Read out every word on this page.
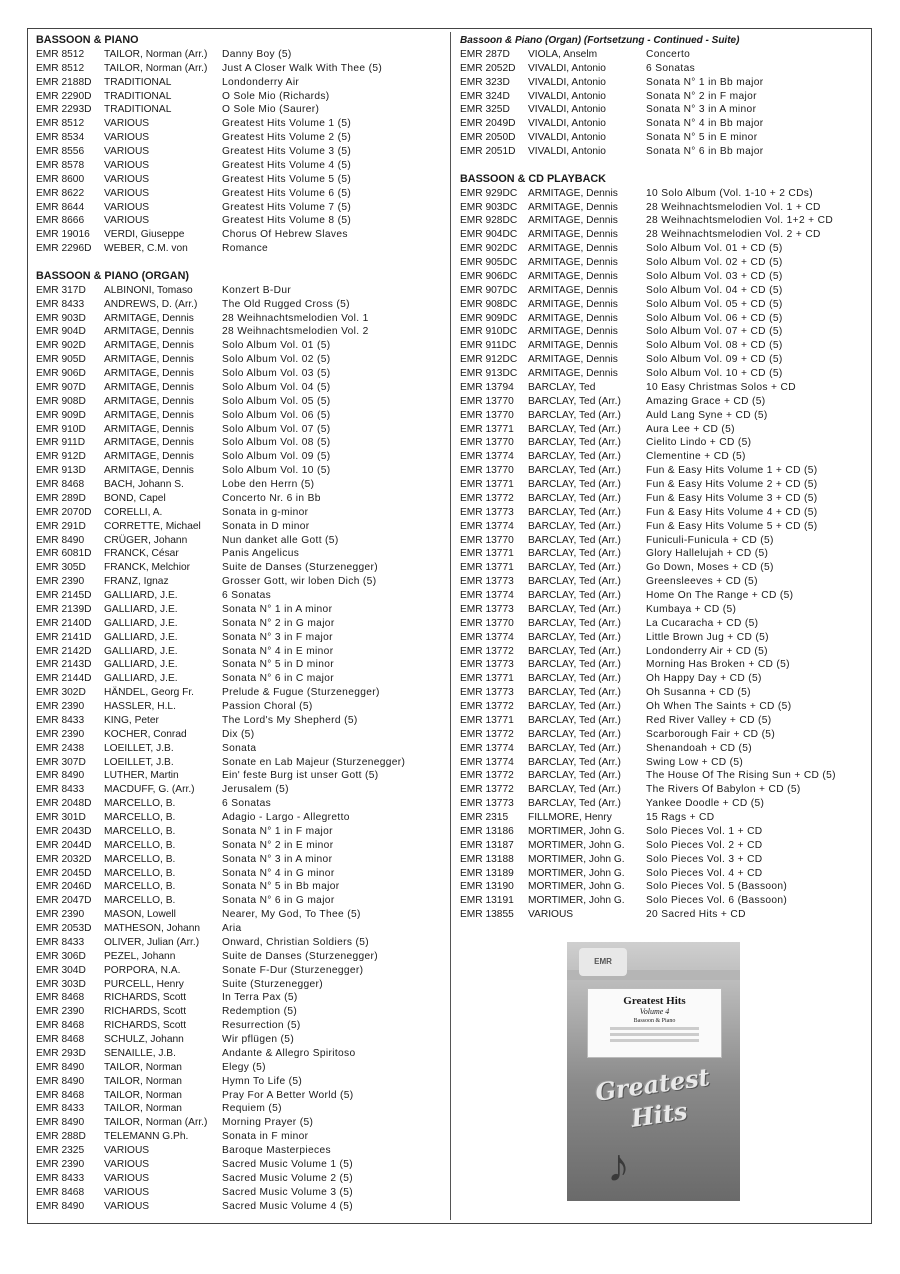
BASSOON & PIANO
EMR 8512	TAILOR, Norman (Arr.)	Danny Boy (5)
EMR 8512	TAILOR, Norman (Arr.)	Just A Closer Walk With Thee (5)
EMR 2188D	TRADITIONAL	Londonderry Air
EMR 2290D	TRADITIONAL	O Sole Mio (Richards)
EMR 2293D	TRADITIONAL	O Sole Mio (Saurer)
EMR 8512	VARIOUS	Greatest Hits Volume 1 (5)
EMR 8534	VARIOUS	Greatest Hits Volume 2 (5)
EMR 8556	VARIOUS	Greatest Hits Volume 3 (5)
EMR 8578	VARIOUS	Greatest Hits Volume 4 (5)
EMR 8600	VARIOUS	Greatest Hits Volume 5 (5)
EMR 8622	VARIOUS	Greatest Hits Volume 6 (5)
EMR 8644	VARIOUS	Greatest Hits Volume 7 (5)
EMR 8666	VARIOUS	Greatest Hits Volume 8 (5)
EMR 19016	VERDI, Giuseppe	Chorus Of Hebrew Slaves
EMR 2296D	WEBER, C.M. von	Romance
BASSOON & PIANO (ORGAN)
EMR 317D	ALBINONI, Tomaso	Konzert B-Dur
EMR 8433	ANDREWS, D. (Arr.)	The Old Rugged Cross (5)
EMR 903D	ARMITAGE, Dennis	28 Weihnachtsmelodien Vol. 1
EMR 904D	ARMITAGE, Dennis	28 Weihnachtsmelodien Vol. 2
EMR 902D	ARMITAGE, Dennis	Solo Album Vol. 01 (5)
EMR 905D	ARMITAGE, Dennis	Solo Album Vol. 02 (5)
EMR 906D	ARMITAGE, Dennis	Solo Album Vol. 03 (5)
EMR 907D	ARMITAGE, Dennis	Solo Album Vol. 04 (5)
EMR 908D	ARMITAGE, Dennis	Solo Album Vol. 05 (5)
EMR 909D	ARMITAGE, Dennis	Solo Album Vol. 06 (5)
EMR 910D	ARMITAGE, Dennis	Solo Album Vol. 07 (5)
EMR 911D	ARMITAGE, Dennis	Solo Album Vol. 08 (5)
EMR 912D	ARMITAGE, Dennis	Solo Album Vol. 09 (5)
EMR 913D	ARMITAGE, Dennis	Solo Album Vol. 10 (5)
EMR 8468	BACH, Johann S.	Lobe den Herrn (5)
EMR 289D	BOND, Capel	Concerto Nr. 6 in Bb
EMR 2070D	CORELLI, A.	Sonata in g-minor
EMR 291D	CORRETTE, Michael	Sonata in D minor
EMR 8490	CRÜGER, Johann	Nun danket alle Gott (5)
EMR 6081D	FRANCK, César	Panis Angelicus
EMR 305D	FRANCK, Melchior	Suite de Danses (Sturzenegger)
EMR 2390	FRANZ, Ignaz	Grosser Gott, wir loben Dich (5)
EMR 2145D	GALLIARD, J.E.	6 Sonatas
EMR 2139D	GALLIARD, J.E.	Sonata N° 1 in A minor
EMR 2140D	GALLIARD, J.E.	Sonata N° 2 in G major
EMR 2141D	GALLIARD, J.E.	Sonata N° 3 in F major
EMR 2142D	GALLIARD, J.E.	Sonata N° 4 in E minor
EMR 2143D	GALLIARD, J.E.	Sonata N° 5 in D minor
EMR 2144D	GALLIARD, J.E.	Sonata N° 6 in C major
EMR 302D	HÄNDEL, Georg Fr.	Prelude & Fugue (Sturzenegger)
EMR 2390	HASSLER, H.L.	Passion Choral (5)
EMR 8433	KING, Peter	The Lord's My Shepherd (5)
EMR 2390	KOCHER, Conrad	Dix (5)
EMR 2438	LOEILLET, J.B.	Sonata
EMR 307D	LOEILLET, J.B.	Sonate en Lab Majeur (Sturzenegger)
EMR 8490	LUTHER, Martin	Ein' feste Burg ist unser Gott (5)
EMR 8433	MACDUFF, G. (Arr.)	Jerusalem (5)
EMR 2048D	MARCELLO, B.	6 Sonatas
EMR 301D	MARCELLO, B.	Adagio - Largo - Allegretto
EMR 2043D	MARCELLO, B.	Sonata N° 1 in F major
EMR 2044D	MARCELLO, B.	Sonata N° 2 in E minor
EMR 2032D	MARCELLO, B.	Sonata N° 3 in A minor
EMR 2045D	MARCELLO, B.	Sonata N° 4 in G minor
EMR 2046D	MARCELLO, B.	Sonata N° 5 in Bb major
EMR 2047D	MARCELLO, B.	Sonata N° 6 in G major
EMR 2390	MASON, Lowell	Nearer, My God, To Thee (5)
EMR 2053D	MATHESON, Johann	Aria
EMR 8433	OLIVER, Julian (Arr.)	Onward, Christian Soldiers (5)
EMR 306D	PEZEL, Johann	Suite de Danses (Sturzenegger)
EMR 304D	PORPORA, N.A.	Sonate F-Dur (Sturzenegger)
EMR 303D	PURCELL, Henry	Suite (Sturzenegger)
EMR 8468	RICHARDS, Scott	In Terra Pax (5)
EMR 2390	RICHARDS, Scott	Redemption (5)
EMR 8468	RICHARDS, Scott	Resurrection (5)
EMR 8468	SCHULZ, Johann	Wir pflügen (5)
EMR 293D	SENAILLE, J.B.	Andante & Allegro Spiritoso
EMR 8490	TAILOR, Norman	Elegy (5)
EMR 8490	TAILOR, Norman	Hymn To Life (5)
EMR 8468	TAILOR, Norman	Pray For A Better World (5)
EMR 8433	TAILOR, Norman	Requiem (5)
EMR 8490	TAILOR, Norman (Arr.)	Morning Prayer (5)
EMR 288D	TELEMANN G.Ph.	Sonata in F minor
EMR 2325	VARIOUS	Baroque Masterpieces
EMR 2390	VARIOUS	Sacred Music Volume 1 (5)
EMR 8433	VARIOUS	Sacred Music Volume 2 (5)
EMR 8468	VARIOUS	Sacred Music Volume 3 (5)
EMR 8490	VARIOUS	Sacred Music Volume 4 (5)
Bassoon & Piano (Organ) (Fortsetzung - Continued - Suite)
EMR 287D	VIOLA, Anselm	Concerto
EMR 2052D	VIVALDI, Antonio	6 Sonatas
EMR 323D	VIVALDI, Antonio	Sonata N° 1 in Bb major
EMR 324D	VIVALDI, Antonio	Sonata N° 2 in F major
EMR 325D	VIVALDI, Antonio	Sonata N° 3 in A minor
EMR 2049D	VIVALDI, Antonio	Sonata N° 4 in Bb major
EMR 2050D	VIVALDI, Antonio	Sonata N° 5 in E minor
EMR 2051D	VIVALDI, Antonio	Sonata N° 6 in Bb major
BASSOON & CD PLAYBACK
EMR 929DC	ARMITAGE, Dennis	10 Solo Album (Vol. 1-10 + 2 CDs)
EMR 903DC	ARMITAGE, Dennis	28 Weihnachtsmelodien Vol. 1 + CD
EMR 928DC	ARMITAGE, Dennis	28 Weihnachtsmelodien Vol. 1+2 + CD
EMR 904DC	ARMITAGE, Dennis	28 Weihnachtsmelodien Vol. 2 + CD
EMR 902DC	ARMITAGE, Dennis	Solo Album Vol. 01 + CD (5)
EMR 905DC	ARMITAGE, Dennis	Solo Album Vol. 02 + CD (5)
EMR 906DC	ARMITAGE, Dennis	Solo Album Vol. 03 + CD (5)
EMR 907DC	ARMITAGE, Dennis	Solo Album Vol. 04 + CD (5)
EMR 908DC	ARMITAGE, Dennis	Solo Album Vol. 05 + CD (5)
EMR 909DC	ARMITAGE, Dennis	Solo Album Vol. 06 + CD (5)
EMR 910DC	ARMITAGE, Dennis	Solo Album Vol. 07 + CD (5)
EMR 911DC	ARMITAGE, Dennis	Solo Album Vol. 08 + CD (5)
EMR 912DC	ARMITAGE, Dennis	Solo Album Vol. 09 + CD (5)
EMR 913DC	ARMITAGE, Dennis	Solo Album Vol. 10 + CD (5)
EMR 13794	BARCLAY, Ted	10 Easy Christmas Solos + CD
EMR 13770	BARCLAY, Ted (Arr.)	Amazing Grace + CD (5)
EMR 13770	BARCLAY, Ted (Arr.)	Auld Lang Syne + CD (5)
EMR 13771	BARCLAY, Ted (Arr.)	Aura Lee + CD (5)
EMR 13770	BARCLAY, Ted (Arr.)	Cielito Lindo + CD (5)
EMR 13774	BARCLAY, Ted (Arr.)	Clementine + CD (5)
EMR 13770	BARCLAY, Ted (Arr.)	Fun & Easy Hits Volume 1 + CD (5)
EMR 13771	BARCLAY, Ted (Arr.)	Fun & Easy Hits Volume 2 + CD (5)
EMR 13772	BARCLAY, Ted (Arr.)	Fun & Easy Hits Volume 3 + CD (5)
EMR 13773	BARCLAY, Ted (Arr.)	Fun & Easy Hits Volume 4 + CD (5)
EMR 13774	BARCLAY, Ted (Arr.)	Fun & Easy Hits Volume 5 + CD (5)
EMR 13770	BARCLAY, Ted (Arr.)	Funiculi-Funicula + CD (5)
EMR 13771	BARCLAY, Ted (Arr.)	Glory Hallelujah + CD (5)
EMR 13771	BARCLAY, Ted (Arr.)	Go Down, Moses + CD (5)
EMR 13773	BARCLAY, Ted (Arr.)	Greensleeves + CD (5)
EMR 13774	BARCLAY, Ted (Arr.)	Home On The Range + CD (5)
EMR 13773	BARCLAY, Ted (Arr.)	Kumbaya + CD (5)
EMR 13770	BARCLAY, Ted (Arr.)	La Cucaracha + CD (5)
EMR 13774	BARCLAY, Ted (Arr.)	Little Brown Jug + CD (5)
EMR 13772	BARCLAY, Ted (Arr.)	Londonderry Air + CD (5)
EMR 13773	BARCLAY, Ted (Arr.)	Morning Has Broken + CD (5)
EMR 13771	BARCLAY, Ted (Arr.)	Oh Happy Day + CD (5)
EMR 13773	BARCLAY, Ted (Arr.)	Oh Susanna + CD (5)
EMR 13772	BARCLAY, Ted (Arr.)	Oh When The Saints + CD (5)
EMR 13771	BARCLAY, Ted (Arr.)	Red River Valley + CD (5)
EMR 13772	BARCLAY, Ted (Arr.)	Scarborough Fair + CD (5)
EMR 13774	BARCLAY, Ted (Arr.)	Shenandoah + CD (5)
EMR 13774	BARCLAY, Ted (Arr.)	Swing Low + CD (5)
EMR 13772	BARCLAY, Ted (Arr.)	The House Of The Rising Sun + CD (5)
EMR 13772	BARCLAY, Ted (Arr.)	The Rivers Of Babylon + CD (5)
EMR 13773	BARCLAY, Ted (Arr.)	Yankee Doodle + CD (5)
EMR 2315	FILLMORE, Henry	15 Rags + CD
EMR 13186	MORTIMER, John G.	Solo Pieces Vol. 1 + CD
EMR 13187	MORTIMER, John G.	Solo Pieces Vol. 2 + CD
EMR 13188	MORTIMER, John G.	Solo Pieces Vol. 3 + CD
EMR 13189	MORTIMER, John G.	Solo Pieces Vol. 4 + CD
EMR 13190	MORTIMER, John G.	Solo Pieces Vol. 5 (Bassoon)
EMR 13191	MORTIMER, John G.	Solo Pieces Vol. 6 (Bassoon)
EMR 13855	VARIOUS	20 Sacred Hits + CD
EMR
Greatest Hits
Volume 4
Bassoon & Piano
Greatest
Hits
♪
